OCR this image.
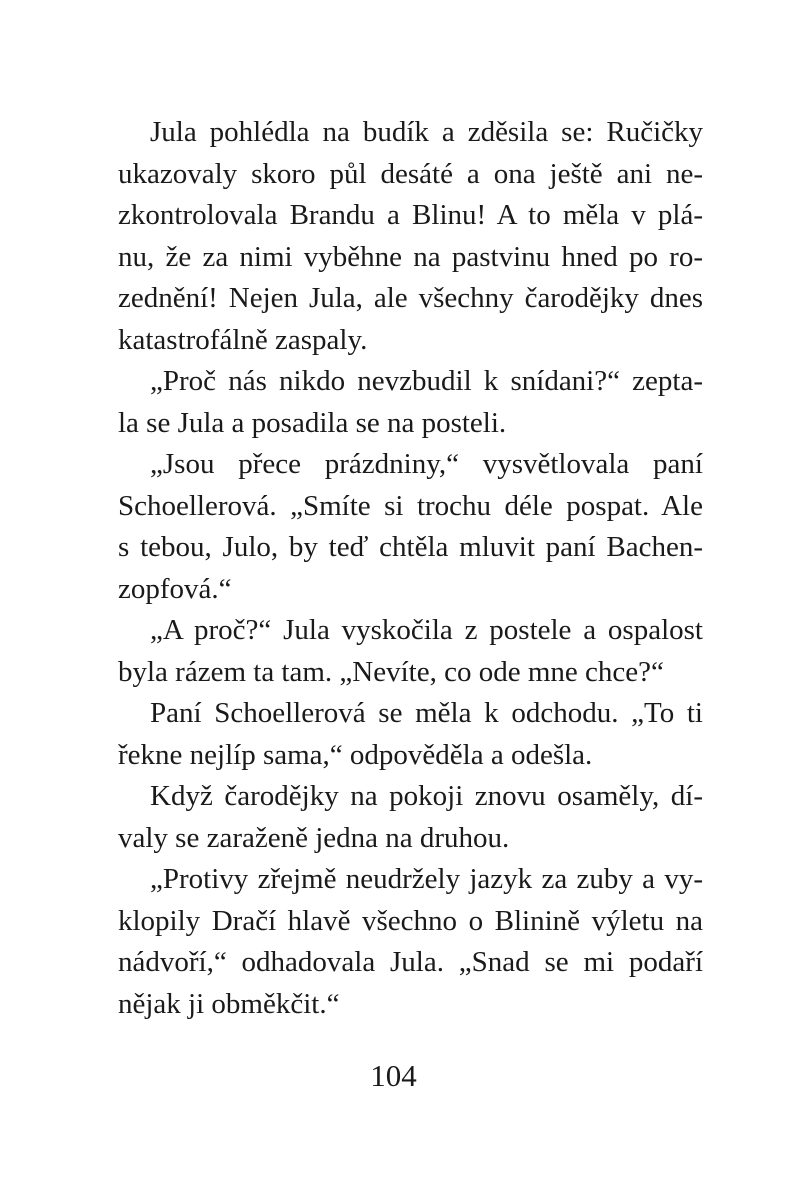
Jula pohlédla na budík a zděsila se: Ručičky
ukazovaly skoro půl desáté a ona ještě ani ne-
zkontrolovala Brandu a Blinu! A to měla v plá-
nu, že za nimi vyběhne na pastvinu hned po ro-
zednění! Nejen Jula, ale všechny čarodějky dnes
katastrofálně zaspaly.
„Proč nás nikdo nevzbudil k snídani?“ zepta-
la se Jula a posadila se na posteli.
„Jsou přece prázdniny,“ vysvětlovala paní
Schoellerová. „Smíte si trochu déle pospat. Ale
s tebou, Julo, by teď chtěla mluvit paní Bachen-
zopfová.“
„A proč?“ Jula vyskočila z postele a ospalost
byla rázem ta tam. „Nevíte, co ode mne chce?“
Paní Schoellerová se měla k odchodu. „To ti
řekne nejlíp sama,“ odpověděla a odešla.
Když čarodějky na pokoji znovu osaměly, dí-
valy se zaraženě jedna na druhou.
„Protivy zřejmě neudržely jazyk za zuby a vy-
klopily Dračí hlavě všechno o Blinině výletu na
nádvoří,“ odhadovala Jula. „Snad se mi podaří
nějak ji obměkčit.“
104
